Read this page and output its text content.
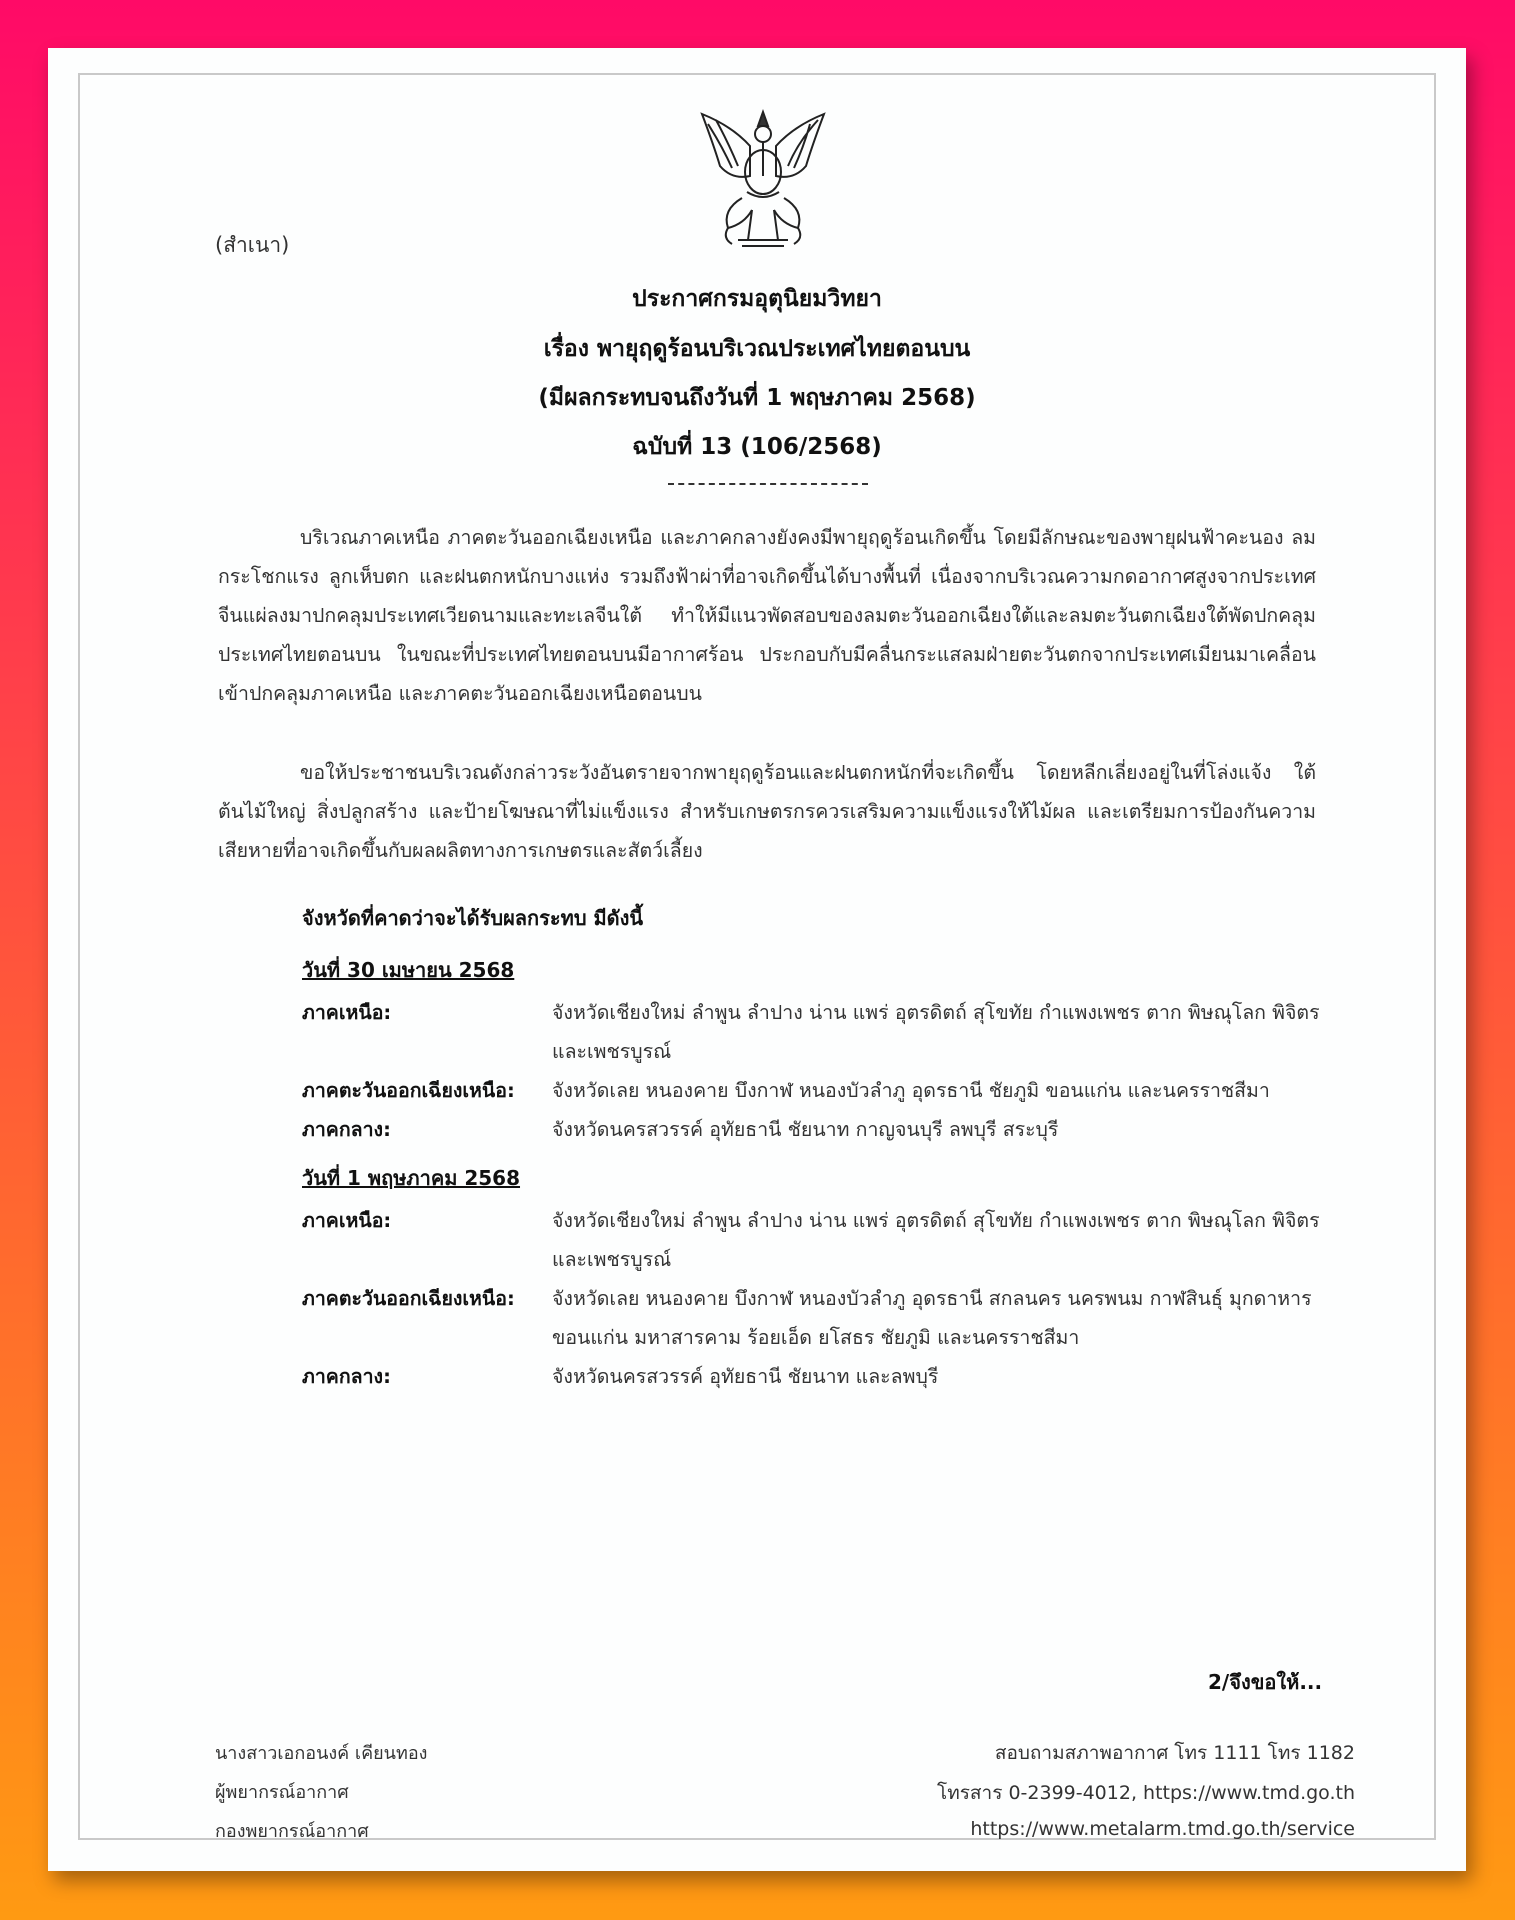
(สำเนา)
ประกาศกรมอุตุนิยมวิทยา
เรื่อง พายุฤดูร้อนบริเวณประเทศไทยตอนบน
(มีผลกระทบจนถึงวันที่ 1 พฤษภาคม 2568)
ฉบับที่ 13 (106/2568)
บริเวณภาคเหนือ ภาคตะวันออกเฉียงเหนือ และภาคกลางยังคงมีพายุฤดูร้อนเกิดขึ้น โดยมีลักษณะของพายุฝนฟ้าคะนอง ลมกระโชกแรง ลูกเห็บตก และฝนตกหนักบางแห่ง รวมถึงฟ้าผ่าที่อาจเกิดขึ้นได้บางพื้นที่ เนื่องจากบริเวณความกดอากาศสูงจากประเทศจีนแผ่ลงมาปกคลุมประเทศเวียดนามและทะเลจีนใต้ ทำให้มีแนวพัดสอบของลมตะวันออกเฉียงใต้และลมตะวันตกเฉียงใต้พัดปกคลุมประเทศไทยตอนบน ในขณะที่ประเทศไทยตอนบนมีอากาศร้อน ประกอบกับมีคลื่นกระแสลมฝ่ายตะวันตกจากประเทศเมียนมาเคลื่อนเข้าปกคลุมภาคเหนือ และภาคตะวันออกเฉียงเหนือตอนบน
ขอให้ประชาชนบริเวณดังกล่าวระวังอันตรายจากพายุฤดูร้อนและฝนตกหนักที่จะเกิดขึ้น โดยหลีกเลี่ยงอยู่ในที่โล่งแจ้ง ใต้ต้นไม้ใหญ่ สิ่งปลูกสร้าง และป้ายโฆษณาที่ไม่แข็งแรง สำหรับเกษตรกรควรเสริมความแข็งแรงให้ไม้ผล และเตรียมการป้องกันความเสียหายที่อาจเกิดขึ้นกับผลผลิตทางการเกษตรและสัตว์เลี้ยง
จังหวัดที่คาดว่าจะได้รับผลกระทบ มีดังนี้
วันที่ 30 เมษายน 2568
ภาคเหนือ:	จังหวัดเชียงใหม่ ลำพูน ลำปาง น่าน แพร่ อุตรดิตถ์ สุโขทัย กำแพงเพชร ตาก พิษณุโลก พิจิตร และเพชรบูรณ์
ภาคตะวันออกเฉียงเหนือ:	จังหวัดเลย หนองคาย บึงกาฬ หนองบัวลำภู อุดรธานี ชัยภูมิ ขอนแก่น และนครราชสีมา
ภาคกลาง:	จังหวัดนครสวรรค์ อุทัยธานี ชัยนาท กาญจนบุรี ลพบุรี สระบุรี
วันที่ 1 พฤษภาคม 2568
ภาคเหนือ:	จังหวัดเชียงใหม่ ลำพูน ลำปาง น่าน แพร่ อุตรดิตถ์ สุโขทัย กำแพงเพชร ตาก พิษณุโลก พิจิตร และเพชรบูรณ์
ภาคตะวันออกเฉียงเหนือ:	จังหวัดเลย หนองคาย บึงกาฬ หนองบัวลำภู อุดรธานี สกลนคร นครพนม กาฬสินธุ์ มุกดาหาร ขอนแก่น มหาสารคาม ร้อยเอ็ด ยโสธร ชัยภูมิ และนครราชสีมา
ภาคกลาง:	จังหวัดนครสวรรค์ อุทัยธานี ชัยนาท และลพบุรี
2/จึงขอให้...
นางสาวเอกอนงค์ เคียนทอง
ผู้พยากรณ์อากาศ
กองพยากรณ์อากาศ
สอบถามสภาพอากาศ โทร 1111 โทร 1182
โทรสาร 0-2399-4012, https://www.tmd.go.th
https://www.metalarm.tmd.go.th/service
